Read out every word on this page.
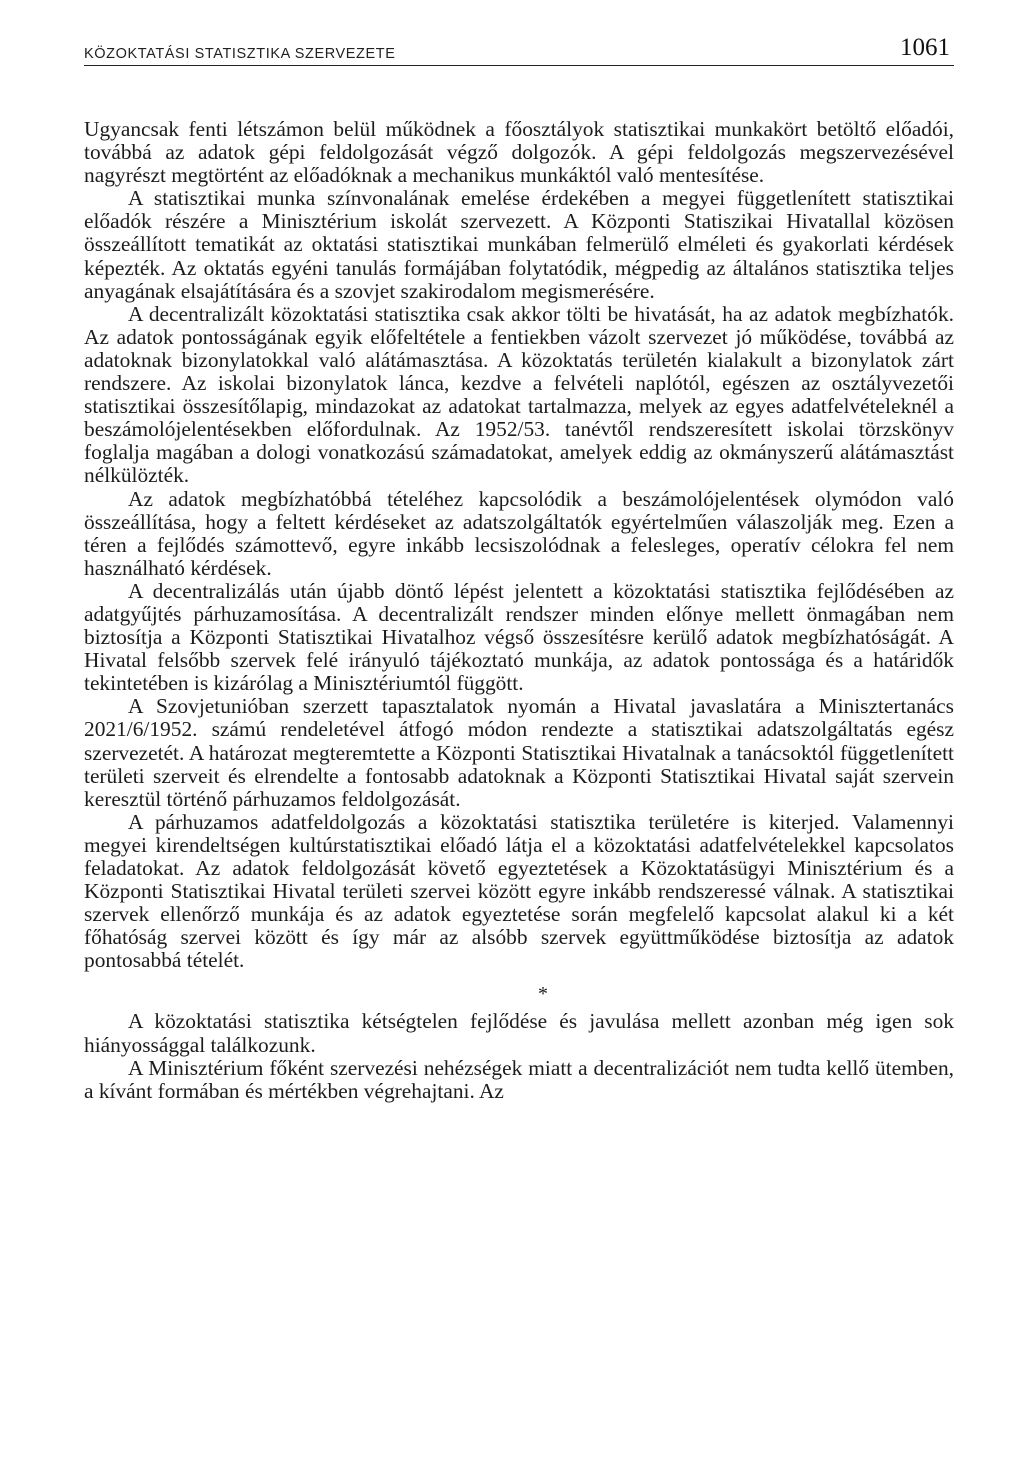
KÖZOKTATÁSI STATISZTIKA SZERVEZETE	1061

Ugyancsak fenti létszámon belül működnek a főosztályok statisztikai munkakört betöltő előadói, továbbá az adatok gépi feldolgozását végző dolgozók. A gépi feldolgozás megszervezésével nagyrészt megtörtént az előadóknak a mechanikus munkáktól való mentesítése.

A statisztikai munka színvonalának emelése érdekében a megyei függetlenített statisztikai előadók részére a Minisztérium iskolát szervezett. A Központi Statiszikai Hivatallal közösen összeállított tematikát az oktatási statisztikai munkában felmerülő elméleti és gyakorlati kérdések képezték. Az oktatás egyéni tanulás formájában folytatódik, mégpedig az általános statisztika teljes anyagának elsajátítására és a szovjet szakirodalom megismerésére.

A decentralizált közoktatási statisztika csak akkor tölti be hivatását, ha az adatok megbízhatók. Az adatok pontosságának egyik előfeltétele a fentiekben vázolt szervezet jó működése, továbbá az adatoknak bizonylatokkal való alátámasztása. A közoktatás területén kialakult a bizonylatok zárt rendszere. Az iskolai bizonylatok lánca, kezdve a felvételi naplótól, egészen az osztályvezetői statisztikai összesítőlapig, mindazokat az adatokat tartalmazza, melyek az egyes adatfelvételeknél a beszámolójelentésekben előfordulnak. Az 1952/53. tanévtől rendszeresített iskolai törzskönyv foglalja magában a dologi vonatkozású számadatokat, amelyek eddig az okmányszerű alátámasztást nélkülözték.

Az adatok megbízhatóbbá tételéhez kapcsolódik a beszámolójelentések olymódon való összeállítása, hogy a feltett kérdéseket az adatszolgáltatók egyértelműen válaszolják meg. Ezen a téren a fejlődés számottevő, egyre inkább lecsiszolódnak a felesleges, operatív célokra fel nem használható kérdések.

A decentralizálás után újabb döntő lépést jelentett a közoktatási statisztika fejlődésében az adatgyűjtés párhuzamosítása. A decentralizált rendszer minden előnye mellett önmagában nem biztosítja a Központi Statisztikai Hivatalhoz végső összesítésre kerülő adatok megbízhatóságát. A Hivatal felsőbb szervek felé irányuló tájékoztató munkája, az adatok pontossága és a határidők tekintetében is kizárólag a Minisztériumtól függött.

A Szovjetunióban szerzett tapasztalatok nyomán a Hivatal javaslatára a Minisztertanács 2021/6/1952. számú rendeletével átfogó módon rendezte a statisztikai adatszolgáltatás egész szervezetét. A határozat megteremtette a Központi Statisztikai Hivatalnak a tanácsoktól függetlenített területi szerveit és elrendelte a fontosabb adatoknak a Központi Statisztikai Hivatal saját szervein keresztül történő párhuzamos feldolgozását.

A párhuzamos adatfeldolgozás a közoktatási statisztika területére is kiterjed. Valamennyi megyei kirendeltségen kultúrstatisztikai előadó látja el a közoktatási adatfelvételekkel kapcsolatos feladatokat. Az adatok feldolgozását követő egyeztetések a Közoktatásügyi Minisztérium és a Központi Statisztikai Hivatal területi szervei között egyre inkább rendszeressé válnak. A statisztikai szervek ellenőrző munkája és az adatok egyeztetése során megfelelő kapcsolat alakul ki a két főhatóság szervei között és így már az alsóbb szervek együttműködése biztosítja az adatok pontosabbá tételét.

*

A közoktatási statisztika kétségtelen fejlődése és javulása mellett azonban még igen sok hiányossággal találkozunk.

A Minisztérium főként szervezési nehézségek miatt a decentralizációt nem tudta kellő ütemben, a kívánt formában és mértékben végrehajtani. Az
